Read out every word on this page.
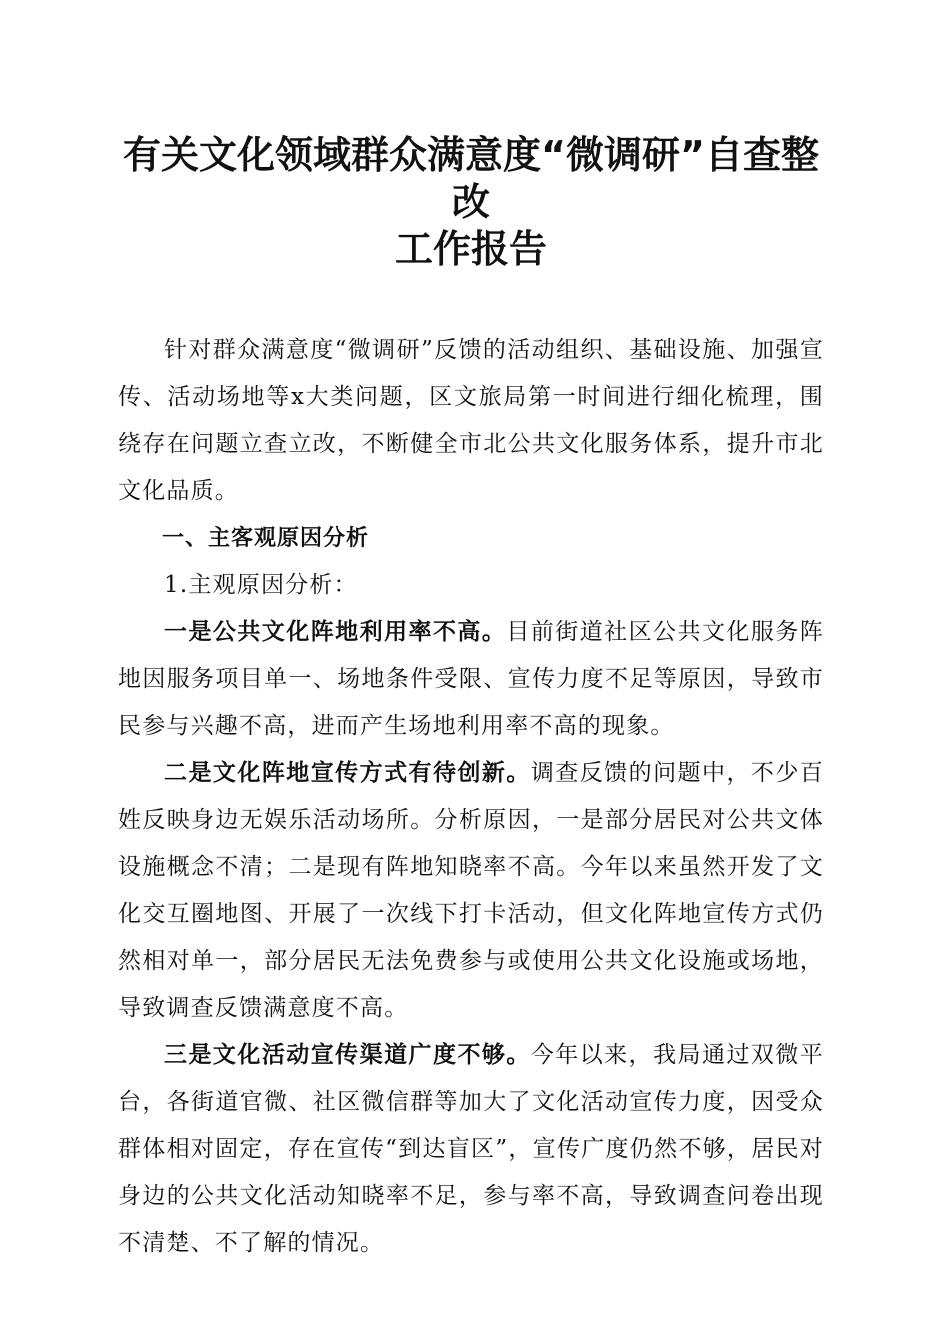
有关文化领域群众满意度“微调研”自查整改
工作报告

针对群众满意度“微调研”反馈的活动组织、基础设施、加强宣传、活动场地等x大类问题，区文旅局第一时间进行细化梳理，围绕存在问题立查立改，不断健全市北公共文化服务体系，提升市北文化品质。

一、主客观原因分析

1.主观原因分析：

一是公共文化阵地利用率不高。目前街道社区公共文化服务阵地因服务项目单一、场地条件受限、宣传力度不足等原因，导致市民参与兴趣不高，进而产生场地利用率不高的现象。

二是文化阵地宣传方式有待创新。调查反馈的问题中，不少百姓反映身边无娱乐活动场所。分析原因，一是部分居民对公共文体设施概念不清；二是现有阵地知晓率不高。今年以来虽然开发了文化交互圈地图、开展了一次线下打卡活动，但文化阵地宣传方式仍然相对单一，部分居民无法免费参与或使用公共文化设施或场地，导致调查反馈满意度不高。

三是文化活动宣传渠道广度不够。今年以来，我局通过双微平台，各街道官微、社区微信群等加大了文化活动宣传力度，因受众群体相对固定，存在宣传“到达盲区”，宣传广度仍然不够，居民对身边的公共文化活动知晓率不足，参与率不高，导致调查问卷出现不清楚、不了解的情况。
